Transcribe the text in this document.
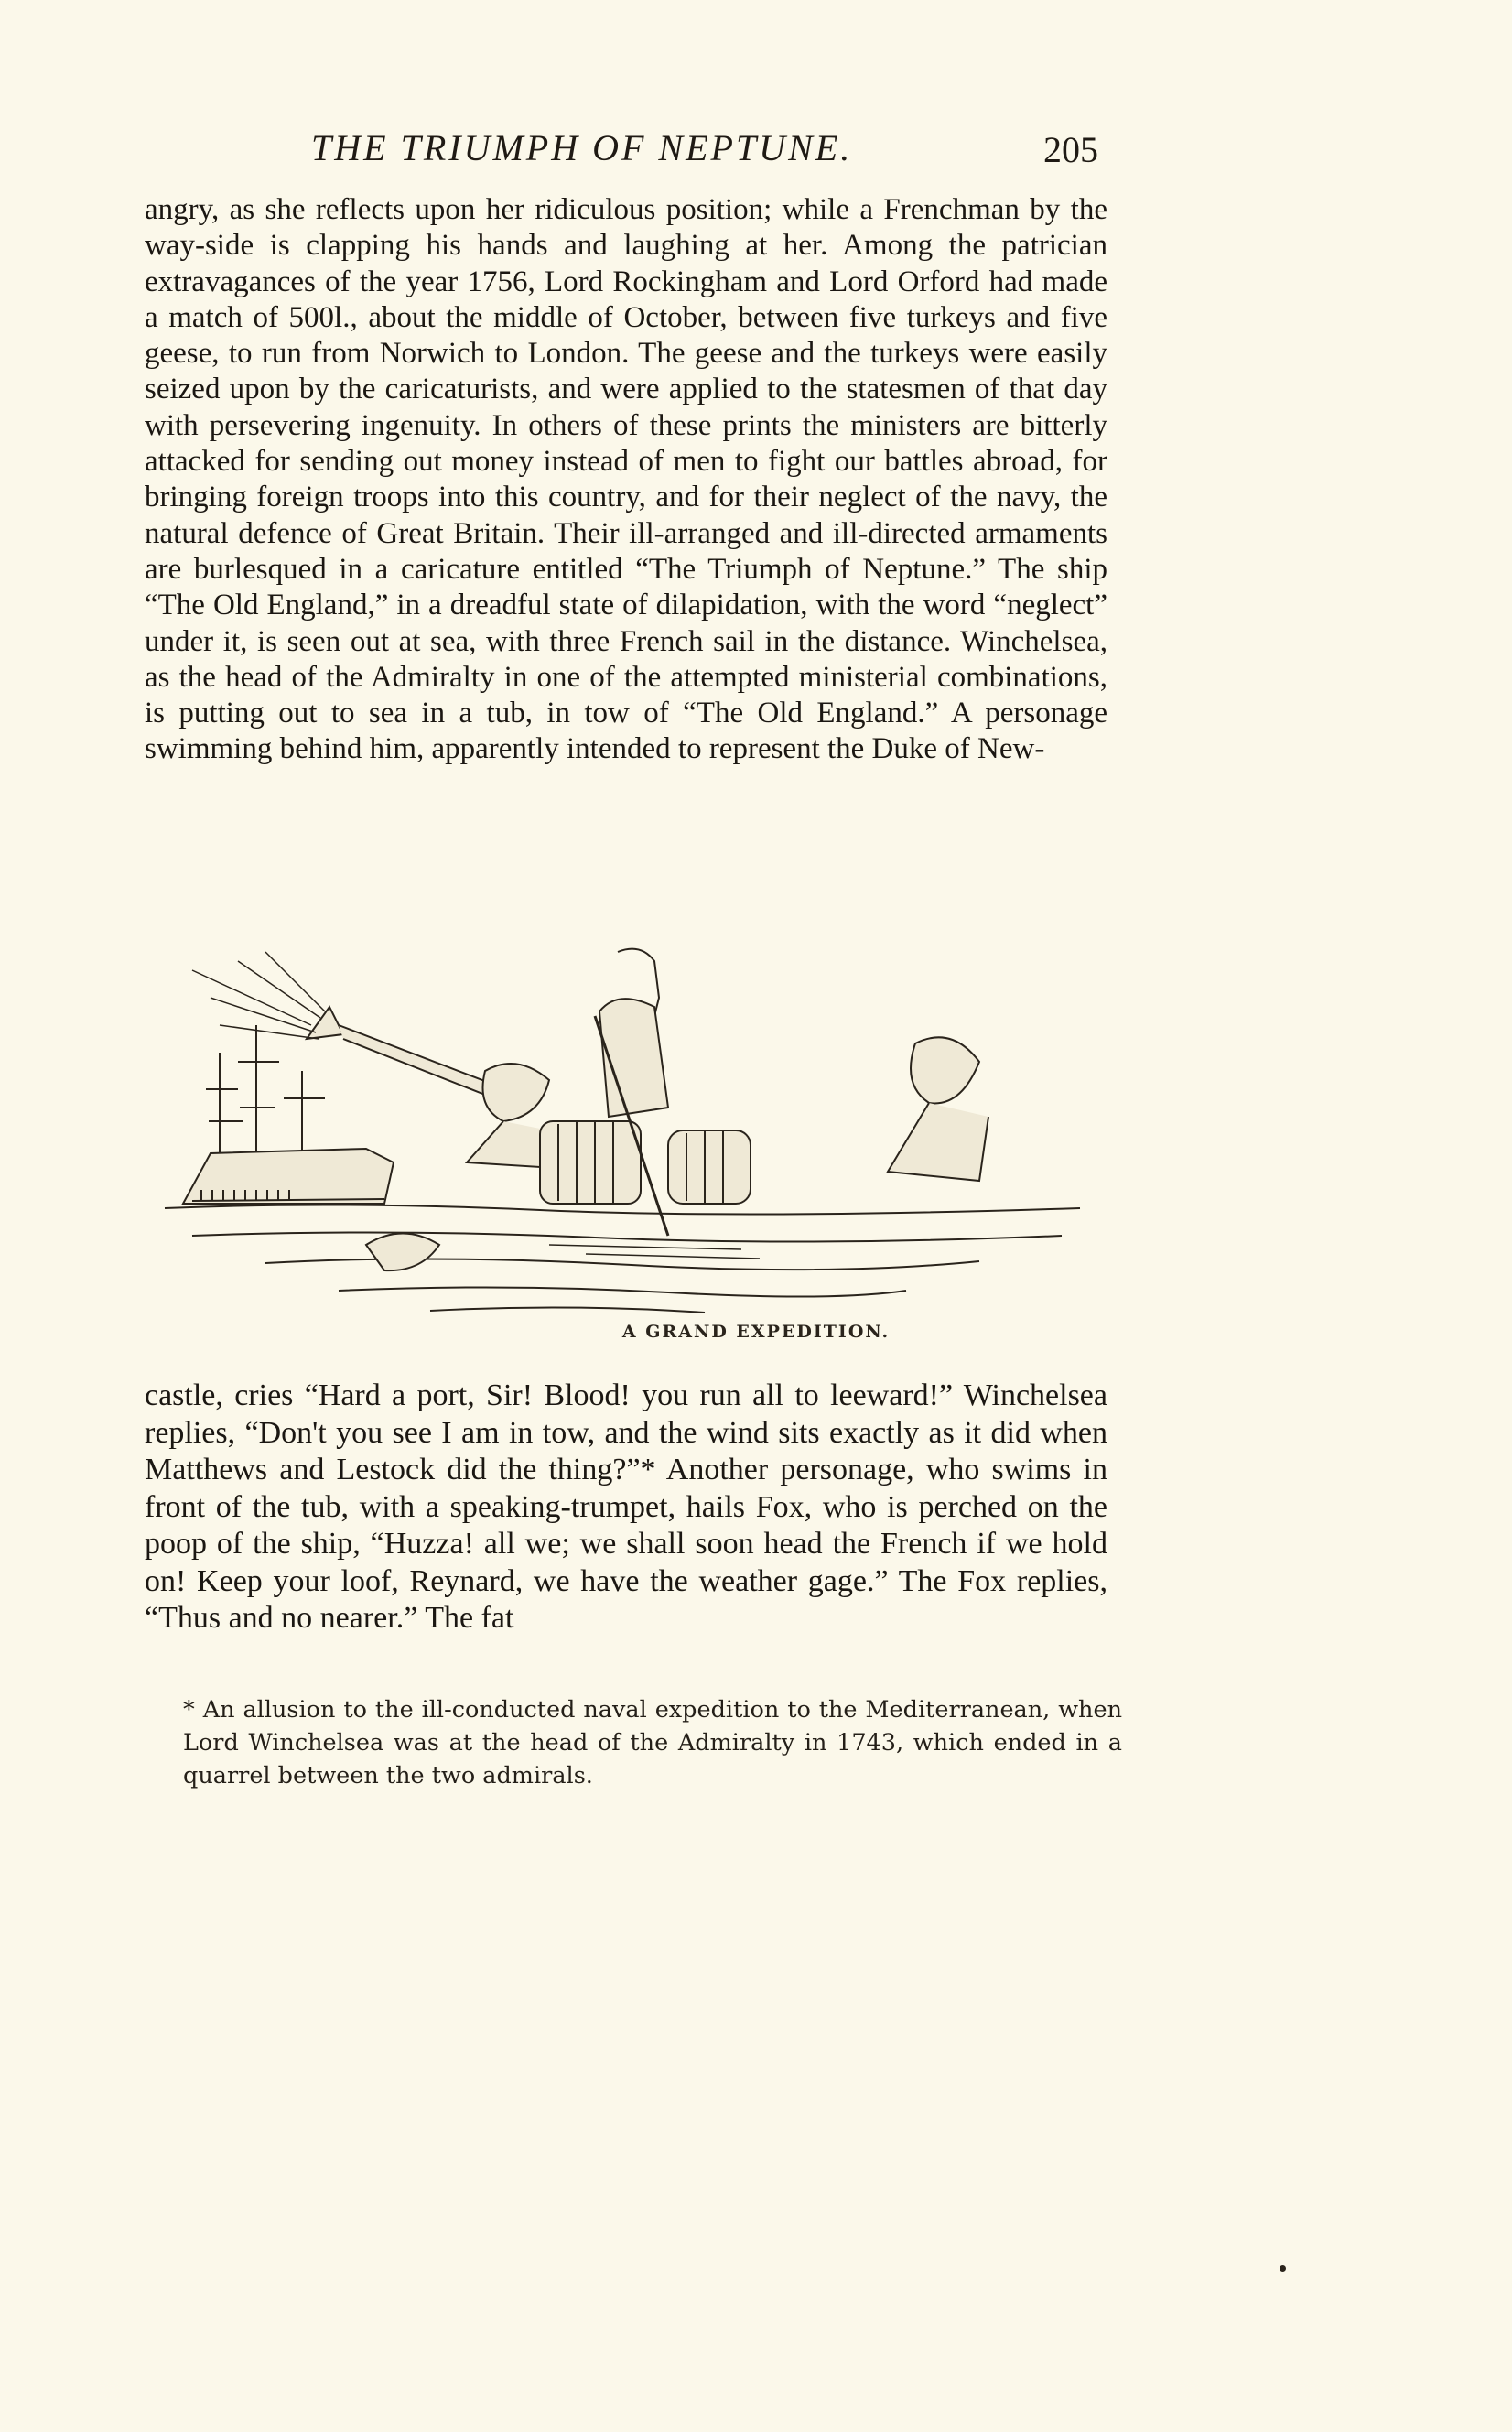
THE TRIUMPH OF NEPTUNE.	205

angry, as she reflects upon her ridiculous position; while a Frenchman by the way-side is clapping his hands and laughing at her. Among the patrician extravagances of the year 1756, Lord Rockingham and Lord Orford had made a match of 500l., about the middle of October, between five turkeys and five geese, to run from Norwich to London. The geese and the turkeys were easily seized upon by the caricaturists, and were applied to the statesmen of that day with persevering ingenuity. In others of these prints the ministers are bitterly attacked for sending out money instead of men to fight our battles abroad, for bringing foreign troops into this country, and for their neglect of the navy, the natural defence of Great Britain. Their ill-arranged and ill-directed armaments are burlesqued in a caricature entitled “The Triumph of Neptune.” The ship “The Old England,” in a dreadful state of dilapidation, with the word “neglect” under it, is seen out at sea, with three French sail in the distance. Winchelsea, as the head of the Admiralty in one of the attempted ministerial combinations, is putting out to sea in a tub, in tow of “The Old England.” A personage swimming behind him, apparently intended to represent the Duke of New-

A GRAND EXPEDITION.

castle, cries “Hard a port, Sir! Blood! you run all to leeward!” Winchelsea replies, “Don't you see I am in tow, and the wind sits exactly as it did when Matthews and Lestock did the thing?”* Another personage, who swims in front of the tub, with a speaking-trumpet, hails Fox, who is perched on the poop of the ship, “Huzza! all we; we shall soon head the French if we hold on! Keep your loof, Reynard, we have the weather gage.” The Fox replies, “Thus and no nearer.” The fat

* An allusion to the ill-conducted naval expedition to the Mediterranean, when Lord Winchelsea was at the head of the Admiralty in 1743, which ended in a quarrel between the two admirals.
